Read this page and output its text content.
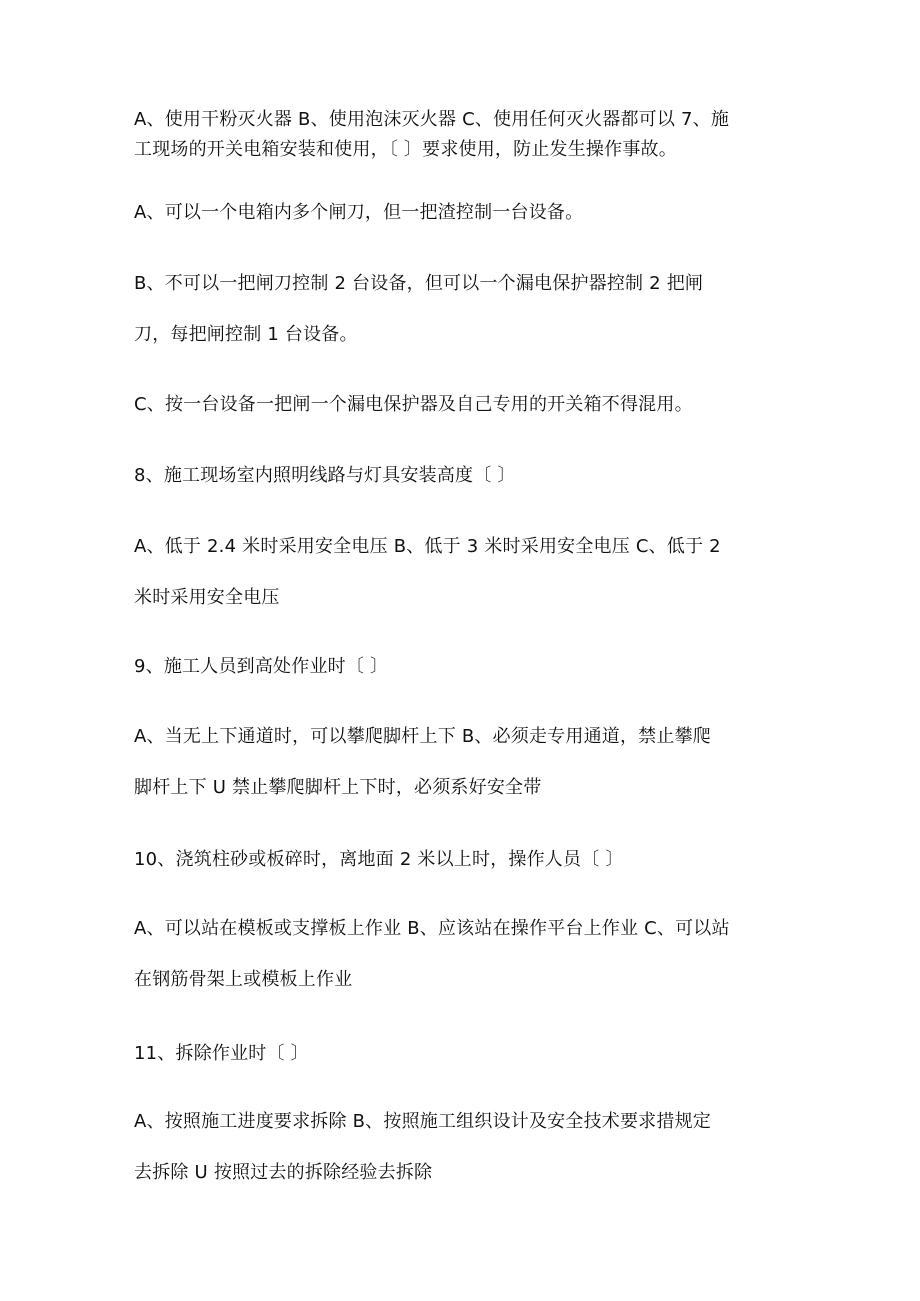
A、使用干粉灭火器 B、使用泡沫灭火器 C、使用任何灭火器都可以 7、施
工现场的开关电箱安装和使用，〔 〕要求使用，防止发生操作事故。

A、可以一个电箱内多个闸刀，但一把渣控制一台设备。

B、不可以一把闸刀控制 2 台设备，但可以一个漏电保护器控制 2 把闸
刀，每把闸控制 1 台设备。

C、按一台设备一把闸一个漏电保护器及自己专用的开关箱不得混用。

8、施工现场室内照明线路与灯具安装高度〔 〕

A、低于 2.4 米时采用安全电压 B、低于 3 米时采用安全电压 C、低于 2
米时采用安全电压

9、施工人员到高处作业时〔 〕

A、当无上下通道时，可以攀爬脚杆上下 B、必须走专用通道，禁止攀爬
脚杆上下 U 禁止攀爬脚杆上下时，必须系好安全带

10、浇筑柱砂或板碎时，离地面 2 米以上时，操作人员〔 〕

A、可以站在模板或支撑板上作业 B、应该站在操作平台上作业 C、可以站
在钢筋骨架上或模板上作业

11、拆除作业时〔 〕

A、按照施工进度要求拆除 B、按照施工组织设计及安全技术要求措规定
去拆除 U 按照过去的拆除经验去拆除
